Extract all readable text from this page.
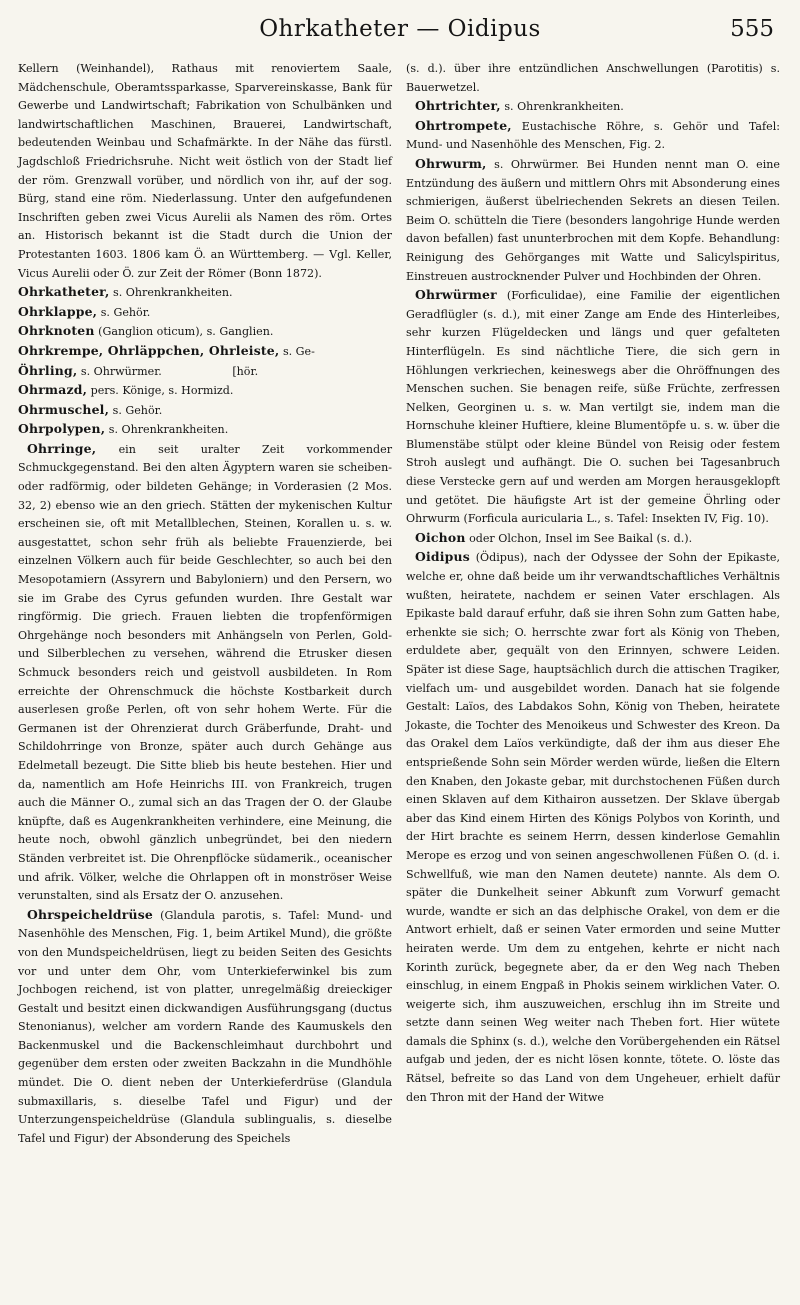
Ohrkatheter — Oidipus	555

Kellern (Weinhandel), Rathaus mit renoviertem Saale, Mädchenschule, Oberamtssparkasse, Sparvereinskasse, Bank für Gewerbe und Landwirtschaft; Fabrikation von Schulbänken und landwirtschaftlichen Maschinen, Brauerei, Landwirtschaft, bedeutenden Weinbau und Schafmärkte. In der Nähe das fürstl. Jagdschloß Friedrichsruhe. Nicht weit östlich von der Stadt lief der röm. Grenzwall vorüber, und nördlich von ihr, auf der sog. Bürg, stand eine röm. Niederlassung. Unter den aufgefundenen Inschriften geben zwei Vicus Aurelii als Namen des röm. Ortes an. Historisch bekannt ist die Stadt durch die Union der Protestanten 1603. 1806 kam Ö. an Württemberg. — Vgl. Keller, Vicus Aurelii oder Ö. zur Zeit der Römer (Bonn 1872).

Ohrkatheter, s. Ohrenkrankheiten.

Ohrklappe, s. Gehör.

Ohrknoten (Ganglion oticum), s. Ganglien.

Ohrkrempe, Ohrläppchen, Ohrleiste, s. Ge-

Öhrling, s. Ohrwürmer.                    [hör.

Ohrmazd, pers. Könige, s. Hormizd.

Ohrmuschel, s. Gehör.

Ohrpolypen, s. Ohrenkrankheiten.

Ohrringe, ein seit uralter Zeit vorkommender Schmuckgegenstand. Bei den alten Ägyptern waren sie scheiben- oder radförmig, oder bildeten Gehänge; in Vorderasien (2 Mos. 32, 2) ebenso wie an den griech. Stätten der mykenischen Kultur erscheinen sie, oft mit Metallblechen, Steinen, Korallen u. s. w. ausgestattet, schon sehr früh als beliebte Frauenzierde, bei einzelnen Völkern auch für beide Geschlechter, so auch bei den Mesopotamiern (Assyrern und Babyloniern) und den Persern, wo sie im Grabe des Cyrus gefunden wurden. Ihre Gestalt war ringförmig. Die griech. Frauen liebten die tropfenförmigen Ohrgehänge noch besonders mit Anhängseln von Perlen, Gold- und Silberblechen zu versehen, während die Etrusker diesen Schmuck besonders reich und geistvoll ausbildeten. In Rom erreichte der Ohrenschmuck die höchste Kostbarkeit durch auserlesen große Perlen, oft von sehr hohem Werte. Für die Germanen ist der Ohrenzierat durch Gräberfunde, Draht- und Schildohrringe von Bronze, später auch durch Gehänge aus Edelmetall bezeugt. Die Sitte blieb bis heute bestehen. Hier und da, namentlich am Hofe Heinrichs III. von Frankreich, trugen auch die Männer O., zumal sich an das Tragen der O. der Glaube knüpfte, daß es Augenkrankheiten verhindere, eine Meinung, die heute noch, obwohl gänzlich unbegründet, bei den niedern Ständen verbreitet ist. Die Ohrenpflöcke südamerik., oceanischer und afrik. Völker, welche die Ohrlappen oft in monströser Weise verunstalten, sind als Ersatz der O. anzusehen.

Ohrspeicheldrüse (Glandula parotis, s. Tafel: Mund- und Nasenhöhle des Menschen, Fig. 1, beim Artikel Mund), die größte von den Mundspeicheldrüsen, liegt zu beiden Seiten des Gesichts vor und unter dem Ohr, vom Unterkieferwinkel bis zum Jochbogen reichend, ist von platter, unregelmäßig dreieckiger Gestalt und besitzt einen dickwandigen Ausführungsgang (ductus Stenonianus), welcher am vordern Rande des Kaumuskels den Backenmuskel und die Backenschleimhaut durchbohrt und gegenüber dem ersten oder zweiten Backzahn in die Mundhöhle mündet. Die O. dient neben der Unterkieferdrüse (Glandula submaxillaris, s. dieselbe Tafel und Figur) und der Unterzungenspeicheldrüse (Glandula sublingualis, s. dieselbe Tafel und Figur) der Absonderung des Speichels

(s. d.). über ihre entzündlichen Anschwellungen (Parotitis) s. Bauerwetzel.

Ohrtrichter, s. Ohrenkrankheiten.

Ohrtrompete, Eustachische Röhre, s. Gehör und Tafel: Mund- und Nasenhöhle des Menschen, Fig. 2.

Ohrwurm, s. Ohrwürmer. Bei Hunden nennt man O. eine Entzündung des äußern und mittlern Ohrs mit Absonderung eines schmierigen, äußerst übelriechenden Sekrets an diesen Teilen. Beim O. schütteln die Tiere (besonders langohrige Hunde werden davon befallen) fast ununterbrochen mit dem Kopfe. Behandlung: Reinigung des Gehörganges mit Watte und Salicylspiritus, Einstreuen austrocknender Pulver und Hochbinden der Ohren.

Ohrwürmer (Forficulidae), eine Familie der eigentlichen Geradflügler (s. d.), mit einer Zange am Ende des Hinterleibes, sehr kurzen Flügeldecken und längs und quer gefalteten Hinterflügeln. Es sind nächtliche Tiere, die sich gern in Höhlungen verkriechen, keineswegs aber die Ohröffnungen des Menschen suchen. Sie benagen reife, süße Früchte, zerfressen Nelken, Georginen u. s. w. Man vertilgt sie, indem man die Hornschuhe kleiner Huftiere, kleine Blumentöpfe u. s. w. über die Blumenstäbe stülpt oder kleine Bündel von Reisig oder festem Stroh auslegt und aufhängt. Die O. suchen bei Tagesanbruch diese Verstecke gern auf und werden am Morgen herausgeklopft und getötet. Die häufigste Art ist der gemeine Öhrling oder Ohrwurm (Forficula auricularia L., s. Tafel: Insekten IV, Fig. 10).

Oichon oder Olchon, Insel im See Baikal (s. d.).

Oidipus (Ödipus), nach der Odyssee der Sohn der Epikaste, welche er, ohne daß beide um ihr verwandtschaftliches Verhältnis wußten, heiratete, nachdem er seinen Vater erschlagen. Als Epikaste bald darauf erfuhr, daß sie ihren Sohn zum Gatten habe, erhenkte sie sich; O. herrschte zwar fort als König von Theben, erduldete aber, gequält von den Erinnyen, schwere Leiden. Später ist diese Sage, hauptsächlich durch die attischen Tragiker, vielfach um- und ausgebildet worden. Danach hat sie folgende Gestalt: Laïos, des Labdakos Sohn, König von Theben, heiratete Jokaste, die Tochter des Menoikeus und Schwester des Kreon. Da das Orakel dem Laïos verkündigte, daß der ihm aus dieser Ehe entsprießende Sohn sein Mörder werden würde, ließen die Eltern den Knaben, den Jokaste gebar, mit durchstochenen Füßen durch einen Sklaven auf dem Kithairon aussetzen. Der Sklave übergab aber das Kind einem Hirten des Königs Polybos von Korinth, und der Hirt brachte es seinem Herrn, dessen kinderlose Gemahlin Merope es erzog und von seinen angeschwollenen Füßen O. (d. i. Schwellfuß, wie man den Namen deutete) nannte. Als dem O. später die Dunkelheit seiner Abkunft zum Vorwurf gemacht wurde, wandte er sich an das delphische Orakel, von dem er die Antwort erhielt, daß er seinen Vater ermorden und seine Mutter heiraten werde. Um dem zu entgehen, kehrte er nicht nach Korinth zurück, begegnete aber, da er den Weg nach Theben einschlug, in einem Engpaß in Phokis seinem wirklichen Vater. O. weigerte sich, ihm auszuweichen, erschlug ihn im Streite und setzte dann seinen Weg weiter nach Theben fort. Hier wütete damals die Sphinx (s. d.), welche den Vorübergehenden ein Rätsel aufgab und jeden, der es nicht lösen konnte, tötete. O. löste das Rätsel, befreite so das Land von dem Ungeheuer, erhielt dafür den Thron mit der Hand der Witwe
